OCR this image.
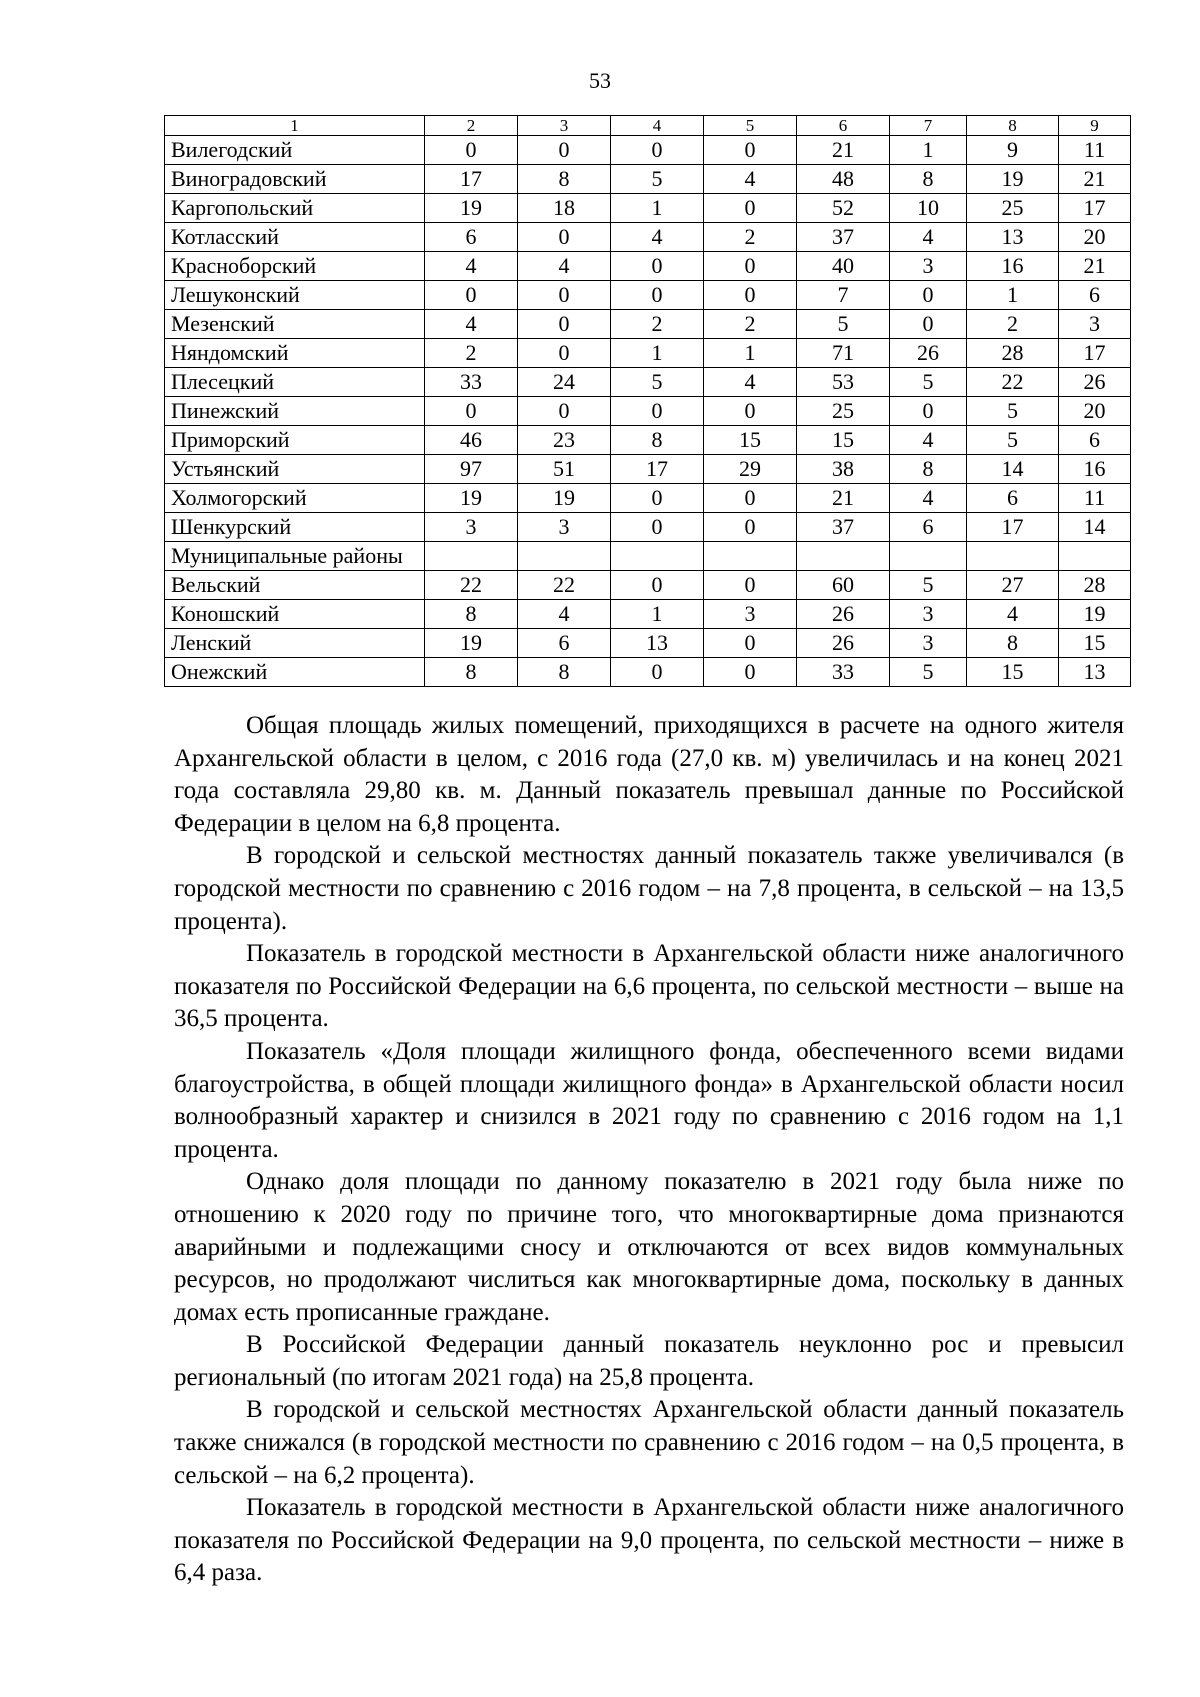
53
1	2	3	4	5	6	7	8	9
Вилегодский	0	0	0	0	21	1	9	11
Виноградовский	17	8	5	4	48	8	19	21
Каргопольский	19	18	1	0	52	10	25	17
Котласский	6	0	4	2	37	4	13	20
Красноборский	4	4	0	0	40	3	16	21
Лешуконский	0	0	0	0	7	0	1	6
Мезенский	4	0	2	2	5	0	2	3
Няндомский	2	0	1	1	71	26	28	17
Плесецкий	33	24	5	4	53	5	22	26
Пинежский	0	0	0	0	25	0	5	20
Приморский	46	23	8	15	15	4	5	6
Устьянский	97	51	17	29	38	8	14	16
Холмогорский	19	19	0	0	21	4	6	11
Шенкурский	3	3	0	0	37	6	17	14
Муниципальные районы								
Вельский	22	22	0	0	60	5	27	28
Коношский	8	4	1	3	26	3	4	19
Ленский	19	6	13	0	26	3	8	15
Онежский	8	8	0	0	33	5	15	13

Общая площадь жилых помещений, приходящихся в расчете на одного жителя Архангельской области в целом, с 2016 года (27,0 кв. м) увеличилась и на конец 2021 года составляла 29,80 кв. м. Данный показатель превышал данные по Российской Федерации в целом на 6,8 процента.

В городской и сельской местностях данный показатель также увеличивался (в городской местности по сравнению с 2016 годом – на 7,8 процента, в сельской – на 13,5 процента).

Показатель в городской местности в Архангельской области ниже аналогичного показателя по Российской Федерации на 6,6 процента, по сельской местности – выше на 36,5 процента.

Показатель «Доля площади жилищного фонда, обеспеченного всеми видами благоустройства, в общей площади жилищного фонда» в Архангельской области носил волнообразный характер и снизился в 2021 году по сравнению с 2016 годом на 1,1 процента.

Однако доля площади по данному показателю в 2021 году была ниже по отношению к 2020 году по причине того, что многоквартирные дома признаются аварийными и подлежащими сносу и отключаются от всех видов коммунальных ресурсов, но продолжают числиться как многоквартирные дома, поскольку в данных домах есть прописанные граждане.

В Российской Федерации данный показатель неуклонно рос и превысил региональный (по итогам 2021 года) на 25,8 процента.

В городской и сельской местностях Архангельской области данный показатель также снижался (в городской местности по сравнению с 2016 годом – на 0,5 процента, в сельской – на 6,2 процента).

Показатель в городской местности в Архангельской области ниже аналогичного показателя по Российской Федерации на 9,0 процента, по сельской местности – ниже в 6,4 раза.
